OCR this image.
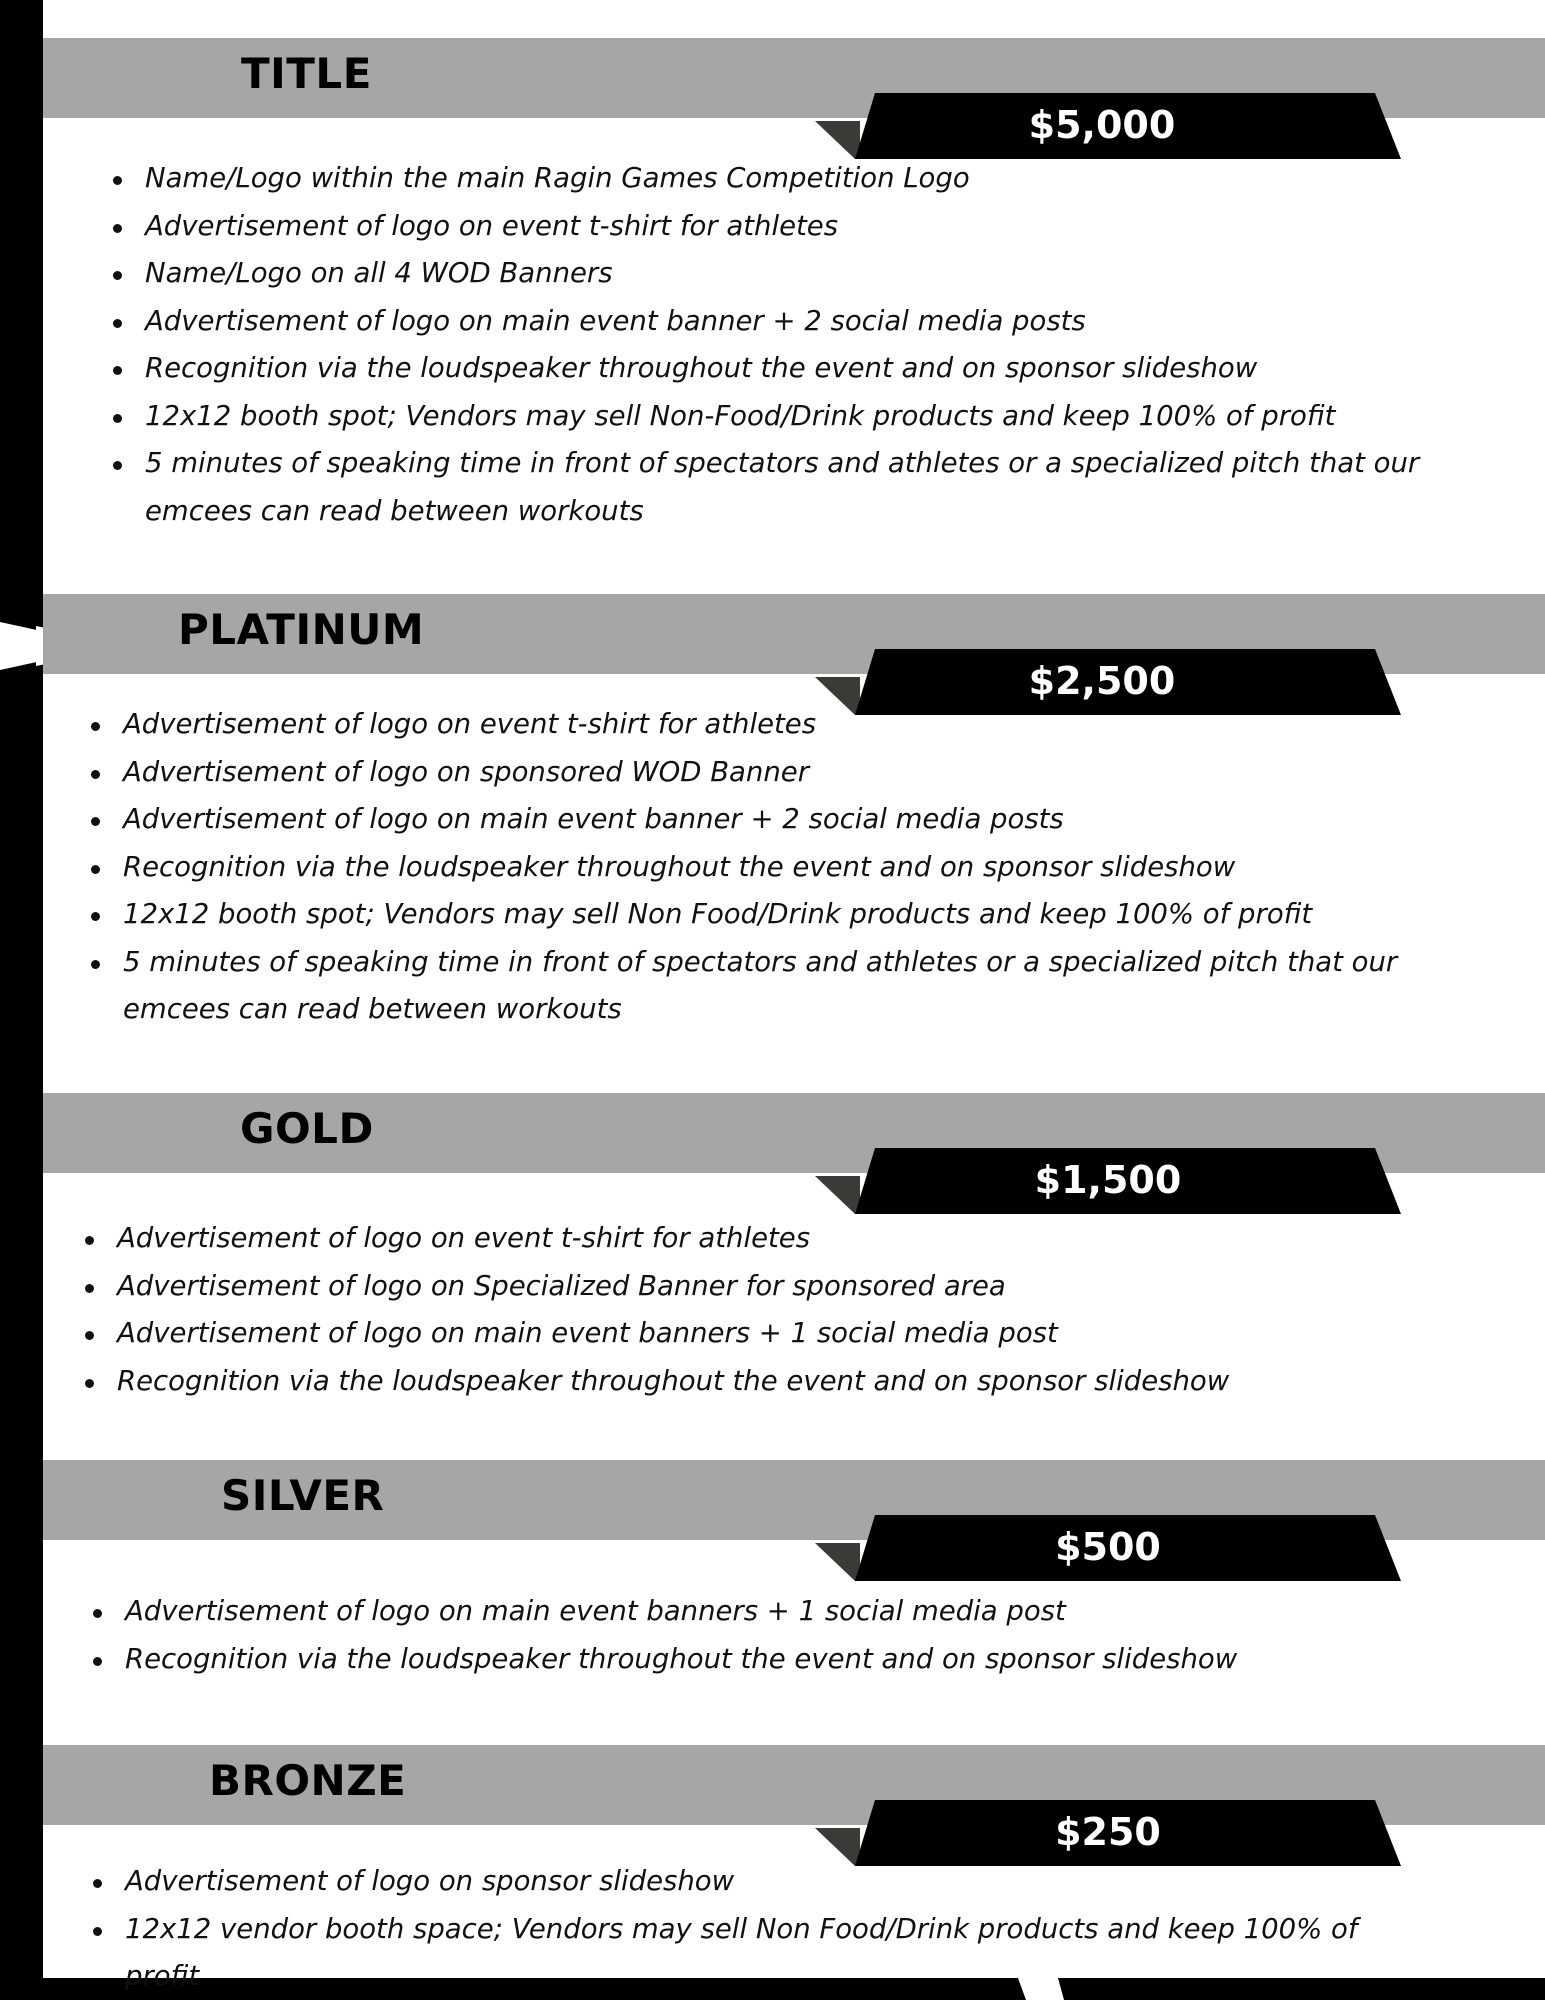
TITLE
$5,000
Name/Logo within the main Ragin Games Competition Logo
Advertisement of logo on event t-shirt for athletes
Name/Logo on all 4 WOD Banners
Advertisement of logo on main event banner + 2 social media posts
Recognition via the loudspeaker throughout the event and on sponsor slideshow
12x12 booth spot; Vendors may sell Non-Food/Drink products and keep 100% of profit
5 minutes of speaking time in front of spectators and athletes or a specialized pitch that our emcees can read between workouts
PLATINUM
$2,500
Advertisement of logo on event t-shirt for athletes
Advertisement of logo on sponsored WOD Banner
Advertisement of logo on main event banner + 2 social media posts
Recognition via the loudspeaker throughout the event and on sponsor slideshow
12x12 booth spot; Vendors may sell Non Food/Drink products and keep 100% of profit
5 minutes of speaking time in front of spectators and athletes or a specialized pitch that our emcees can read between workouts
GOLD
$1,500
Advertisement of logo on event t-shirt for athletes
Advertisement of logo on Specialized Banner for sponsored area
Advertisement of logo on main event banners + 1 social media post
Recognition via the loudspeaker throughout the event and on sponsor slideshow
SILVER
$500
Advertisement of logo on main event banners + 1 social media post
Recognition via the loudspeaker throughout the event and on sponsor slideshow
BRONZE
$250
Advertisement of logo on sponsor slideshow
12x12 vendor booth space; Vendors may sell Non Food/Drink products and keep 100% of profit
